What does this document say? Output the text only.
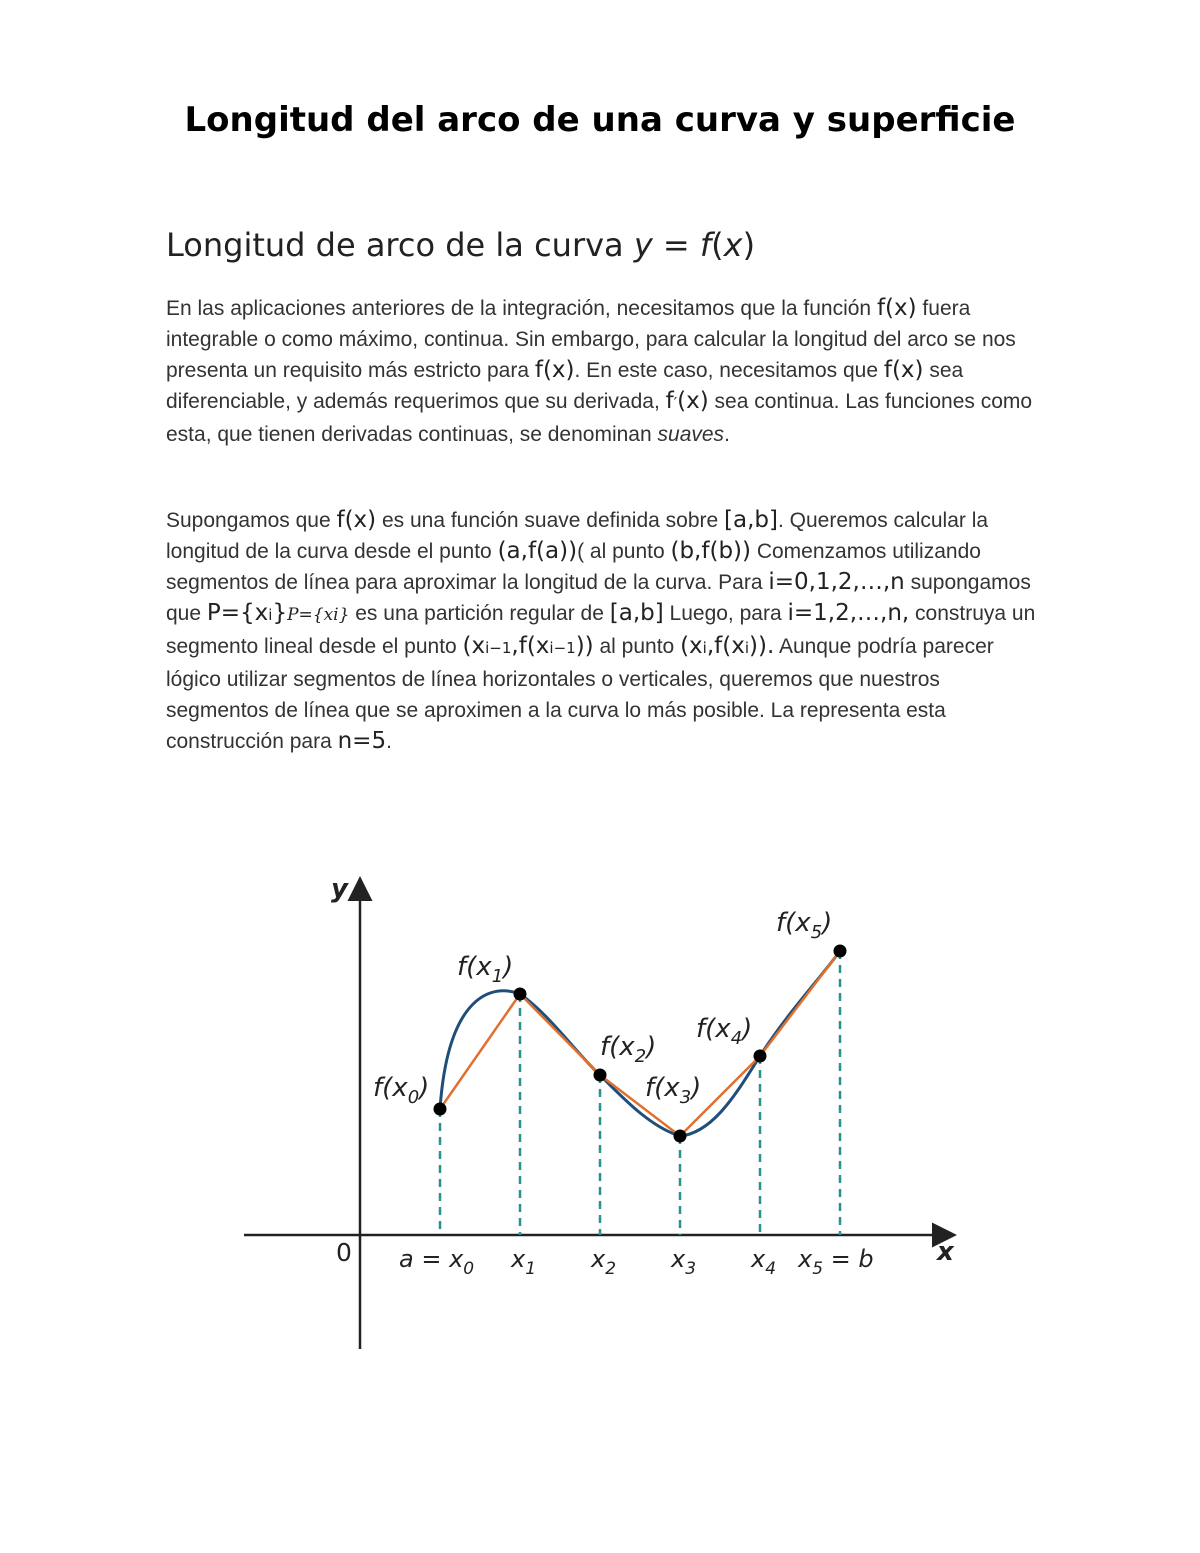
Longitud del arco de una curva y superficie
Longitud de arco de la curva y = f(x)
En las aplicaciones anteriores de la integración, necesitamos que la función f(x) fuera integrable o como máximo, continua. Sin embargo, para calcular la longitud del arco se nos presenta un requisito más estricto para f(x). En este caso, necesitamos que f(x) sea diferenciable, y además requerimos que su derivada, f′(x) sea continua. Las funciones como esta, que tienen derivadas continuas, se denominan suaves.
Supongamos que f(x) es una función suave definida sobre [a,b]. Queremos calcular la longitud de la curva desde el punto (a,f(a))( al punto (b,f(b)) Comenzamos utilizando segmentos de línea para aproximar la longitud de la curva. Para i=0,1,2,…,n supongamos que P={xi}P={xi} es una partición regular de [a,b] Luego, para i=1,2,…,n, construya un segmento lineal desde el punto (xi−1,f(xi−1)) al punto (xi,f(xi)). Aunque podría parecer lógico utilizar segmentos de línea horizontales o verticales, queremos que nuestros segmentos de línea que se aproximen a la curva lo más posible. La representa esta construcción para n=5.
y
x
0
$f(x_0)$
$f(x_1)$
$f(x_2)$
$f(x_3)$
$f(x_4)$
$f(x_5)$
$a = x_0$ $x_1$ $x_2$ $x_3$ $x_4$ $x_5 = b$
